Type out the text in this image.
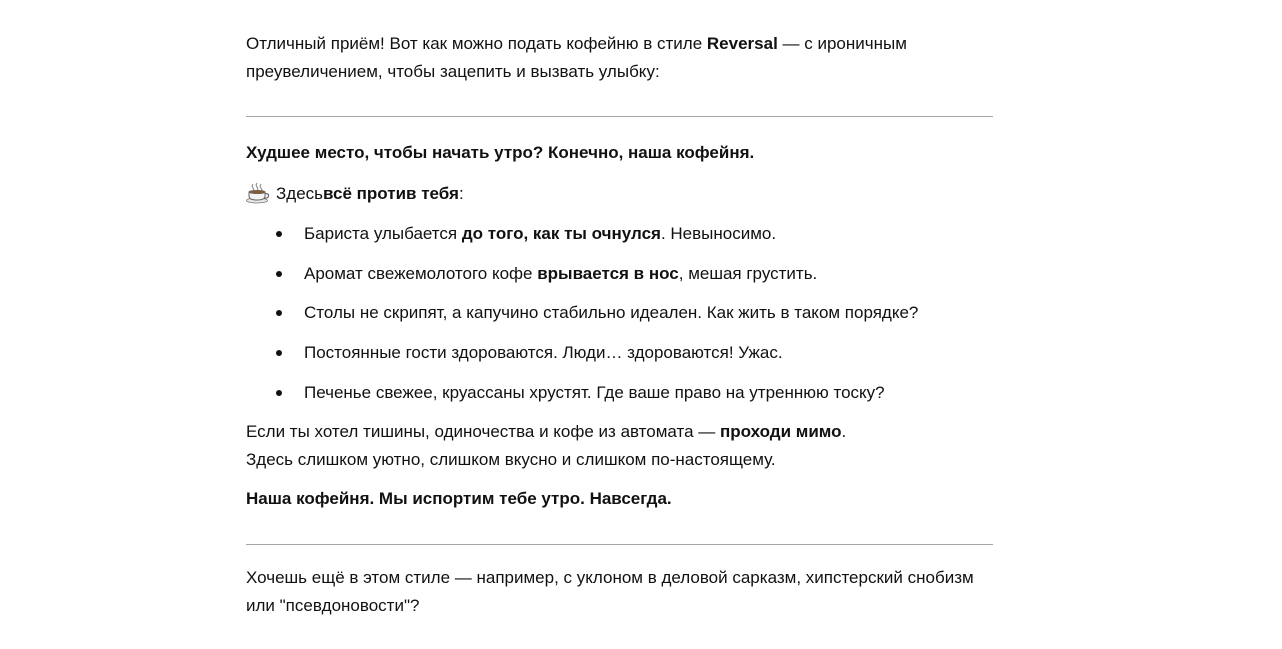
Отличный приём! Вот как можно подать кофейню в стиле Reversal — с ироничным преувеличением, чтобы зацепить и вызвать улыбку:

Худшее место, чтобы начать утро? Конечно, наша кофейня.

Здесь всё против тебя :

Бариста улыбается до того, как ты очнулся. Невыносимо.
Аромат свежемолотого кофе врывается в нос, мешая грустить.
Столы не скрипят, а капучино стабильно идеален. Как жить в таком порядке?
Постоянные гости здороваются. Люди… здороваются! Ужас.
Печенье свежее, круассаны хрустят. Где ваше право на утреннюю тоску?

Если ты хотел тишины, одиночества и кофе из автомата — проходи мимо.
Здесь слишком уютно, слишком вкусно и слишком по-настоящему.

Наша кофейня. Мы испортим тебе утро. Навсегда.

Хочешь ещё в этом стиле — например, с уклоном в деловой сарказм, хипстерский снобизм или "псевдоновости"?
